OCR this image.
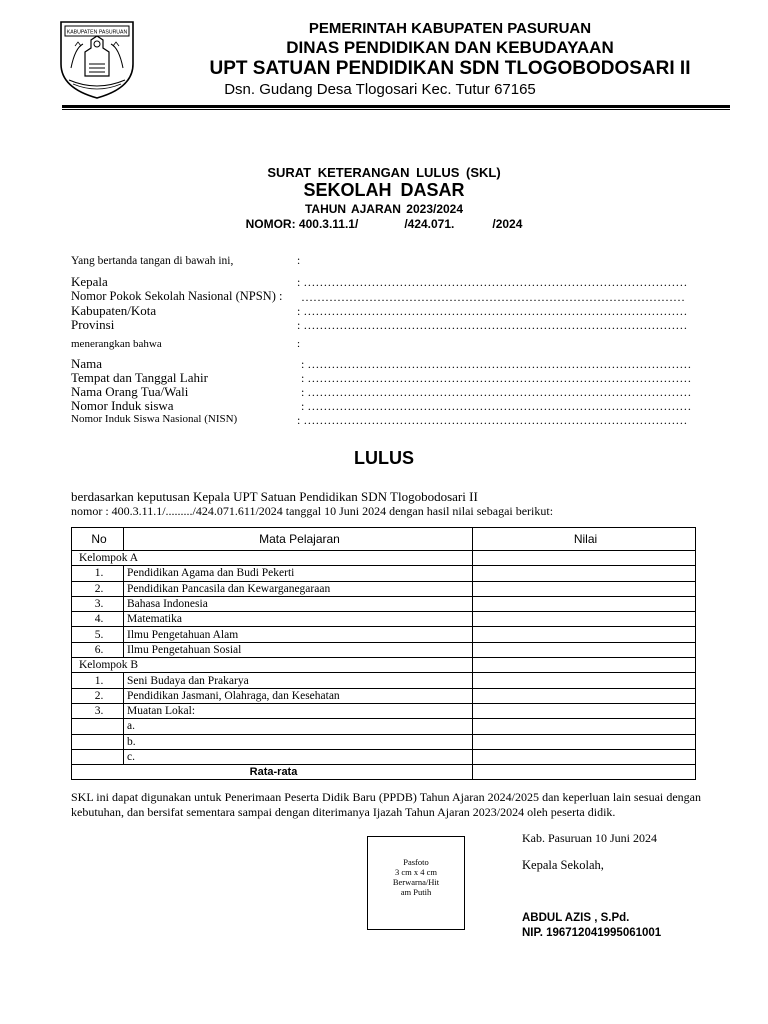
KABUPATEN PASURUAN	PEMERINTAH KABUPATEN PASURUAN
DINAS PENDIDIKAN DAN KEBUDAYAAN
UPT SATUAN PENDIDIKAN SDN TLOGOBODOSARI II
Dsn. Gudang Desa Tlogosari Kec. Tutur 67165
SURAT KETERANGAN LULUS (SKL)
SEKOLAH DASAR
TAHUN AJARAN 2023/2024
NOMOR: 400.3.11.1/	/424.071.	/2024
Yang bertanda tangan di bawah ini,	:
Kepala	: ……………………………………………………………………………………
Nomor Pokok Sekolah Nasional (NPSN) : ……………………………………………………………………………………
Kabupaten/Kota	: ……………………………………………………………………………………
Provinsi	: ……………………………………………………………………………………
menerangkan bahwa	:
Nama	: ……………………………………………………………………………………
Tempat dan Tanggal Lahir	: ……………………………………………………………………………………
Nama Orang Tua/Wali	: ……………………………………………………………………………………
Nomor Induk siswa	: ……………………………………………………………………………………
Nomor Induk Siswa Nasional (NISN)	: ……………………………………………………………………………………
LULUS
berdasarkan keputusan Kepala UPT Satuan Pendidikan SDN Tlogobodosari II
nomor : 400.3.11.1/........./424.071.611/2024 tanggal 10 Juni 2024 dengan hasil nilai sebagai berikut:
No	Mata Pelajaran	Nilai
Kelompok A		
1.	Pendidikan Agama dan Budi Pekerti	
2.	Pendidikan Pancasila dan Kewarganegaraan	
3.	Bahasa Indonesia	
4.	Matematika	
5.	Ilmu Pengetahuan Alam	
6.	Ilmu Pengetahuan Sosial	
Kelompok B		
1.	Seni Budaya dan Prakarya	
2.	Pendidikan Jasmani, Olahraga, dan Kesehatan	
3.	Muatan Lokal:	
	a.	
	b.	
	c.	
Rata-rata		
SKL ini dapat digunakan untuk Penerimaan Peserta Didik Baru (PPDB) Tahun Ajaran 2024/2025 dan keperluan lain sesuai dengan kebutuhan, dan bersifat sementara sampai dengan diterimanya Ijazah Tahun Ajaran 2023/2024 oleh peserta didik.
Pasfoto
3 cm x 4 cm
Berwarna/Hit
am Putih
Kab. Pasuruan 10 Juni 2024
Kepala Sekolah,
ABDUL AZIS , S.Pd.
NIP. 196712041995061001
